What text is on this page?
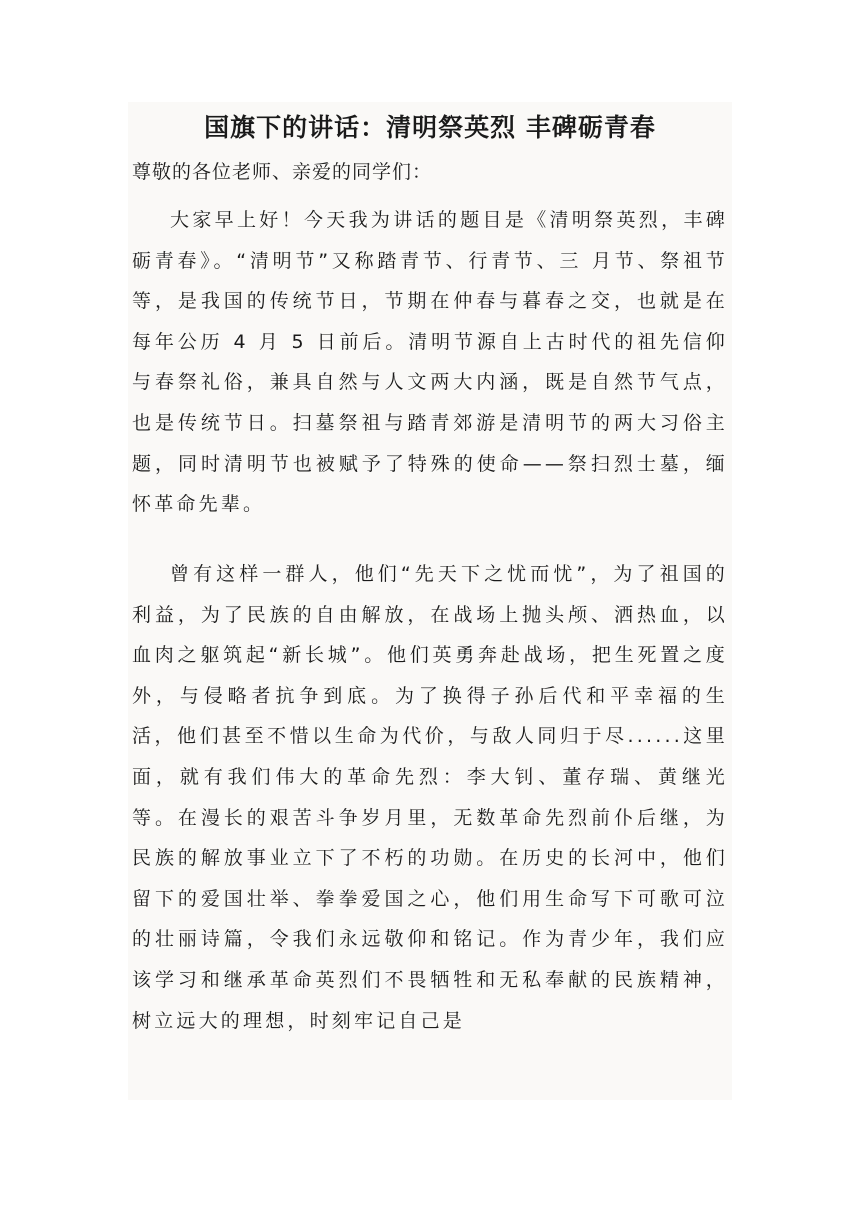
国旗下的讲话：清明祭英烈 丰碑砺青春

尊敬的各位老师、亲爱的同学们：

大家早上好！今天我为讲话的题目是《清明祭英烈，丰碑砺青春》。“清明节”又称踏青节、行青节、三 月节、祭祖节等，是我国的传统节日，节期在仲春与暮春之交，也就是在每年公历 4 月 5 日前后。清明节源自上古时代的祖先信仰与春祭礼俗，兼具自然与人文两大内涵，既是自然节气点，也是传统节日。扫墓祭祖与踏青郊游是清明节的两大习俗主题，同时清明节也被赋予了特殊的使命——祭扫烈士墓，缅怀革命先辈。

曾有这样一群人，他们“先天下之忧而忧”，为了祖国的利益，为了民族的自由解放，在战场上抛头颅、洒热血，以血肉之躯筑起“新长城”。他们英勇奔赴战场，把生死置之度外，与侵略者抗争到底。为了换得子孙后代和平幸福的生活，他们甚至不惜以生命为代价，与敌人同归于尽......这里面，就有我们伟大的革命先烈：李大钊、董存瑞、黄继光等。在漫长的艰苦斗争岁月里，无数革命先烈前仆后继，为民族的解放事业立下了不朽的功勋。在历史的长河中，他们留下的爱国壮举、拳拳爱国之心，他们用生命写下可歌可泣的壮丽诗篇，令我们永远敬仰和铭记。作为青少年，我们应该学习和继承革命英烈们不畏牺牲和无私奉献的民族精神，树立远大的理想，时刻牢记自己是
